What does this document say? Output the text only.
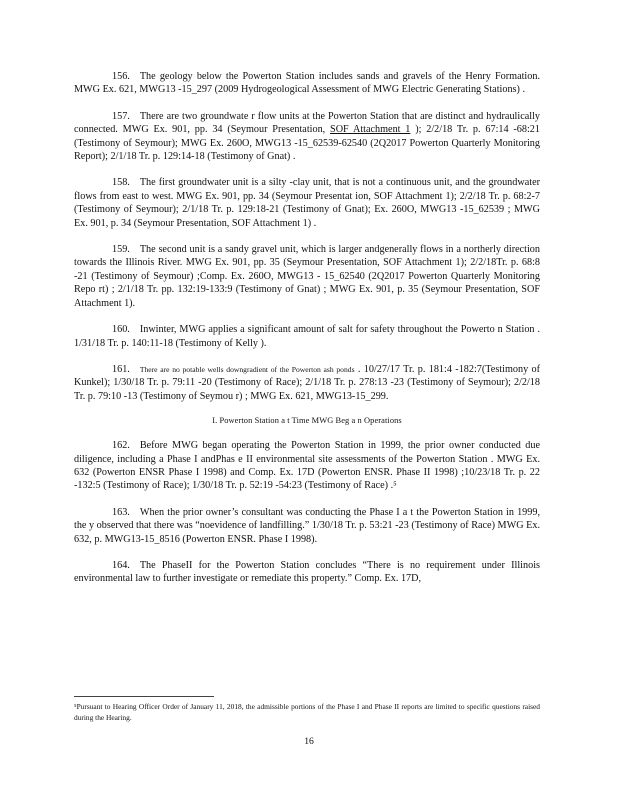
156. The geology below the Powerton Station includes sands and gravels of the Henry Formation. MWG Ex. 621, MWG13 -15_297 (2009 Hydrogeological Assessment of MWG Electric Generating Stations) .

157. There are two groundwate r flow units at the Powerton Station that are distinct and hydraulically connected. MWG Ex. 901, pp. 34 (Seymour Presentation, SOF Attachment 1 ); 2/2/18 Tr. p. 67:14 -68:21 (Testimony of Seymour); MWG Ex. 260O, MWG13 -15_62539-62540 (2Q2017 Powerton Quarterly Monitoring Report); 2/1/18 Tr. p. 129:14-18 (Testimony of Gnat) .

158. The first groundwater unit is a silty -clay unit, that is not a continuous unit, and the groundwater flows from east to west. MWG Ex. 901, pp. 34 (Seymour Presentat ion, SOF Attachment 1); 2/2/18 Tr. p. 68:2-7 (Testimony of Seymour); 2/1/18 Tr. p. 129:18-21 (Testimony of Gnat); Ex. 260O, MWG13 -15_62539 ; MWG Ex. 901, p. 34 (Seymour Presentation, SOF Attachment 1) .

159. The second unit is a sandy gravel unit, which is larger andgenerally flows in a northerly direction towards the Illinois River. MWG Ex. 901, pp. 35 (Seymour Presentation, SOF Attachment 1); 2/2/18Tr. p. 68:8 -21 (Testimony of Seymour) ;Comp. Ex. 260O, MWG13 - 15_62540 (2Q2017 Powerton Quarterly Monitoring Repo rt) ; 2/1/18 Tr. pp. 132:19-133:9 (Testimony of Gnat) ; MWG Ex. 901, p. 35 (Seymour Presentation, SOF Attachment 1).

160. Inwinter, MWG applies a significant amount of salt for safety throughout the Powerto n Station . 1/31/18 Tr. p. 140:11-18 (Testimony of Kelly ).

161. There are no potable wells downgradient of the Powerton ash ponds . 10/27/17 Tr. p. 181:4 -182:7(Testimony of Kunkel); 1/30/18 Tr. p. 79:11 -20 (Testimony of Race); 2/1/18 Tr. p. 278:13 -23 (Testimony of Seymour); 2/2/18 Tr. p. 79:10 -13 (Testimony of Seymou r) ; MWG Ex. 621, MWG13-15_299.

I. Powerton Station a t Time MWG Beg a n Operations

162. Before MWG began operating the Powerton Station in 1999, the prior owner conducted due diligence, including a Phase I andPhas e II environmental site assessments of the Powerton Station . MWG Ex. 632 (Powerton ENSR Phase I 1998) and Comp. Ex. 17D (Powerton ENSR. Phase II 1998) ;10/23/18 Tr. p. 22 -132:5 (Testimony of Race); 1/30/18 Tr. p. 52:19 -54:23 (Testimony of Race) .⁵

163. When the prior owner’s consultant was conducting the Phase I a t the Powerton Station in 1999, the y observed that there was “noevidence of landfilling.” 1/30/18 Tr. p. 53:21 -23 (Testimony of Race) MWG Ex. 632, p. MWG13-15_8516 (Powerton ENSR. Phase I 1998).

164. The PhaseII for the Powerton Station concludes “There is no requirement under Illinois environmental law to further investigate or remediate this property.” Comp. Ex. 17D,

⁵Pursuant to Hearing Officer Order of January 11, 2018, the admissible portions of the Phase I and Phase II reports are limited to specific questions raised during the Hearing.
16
